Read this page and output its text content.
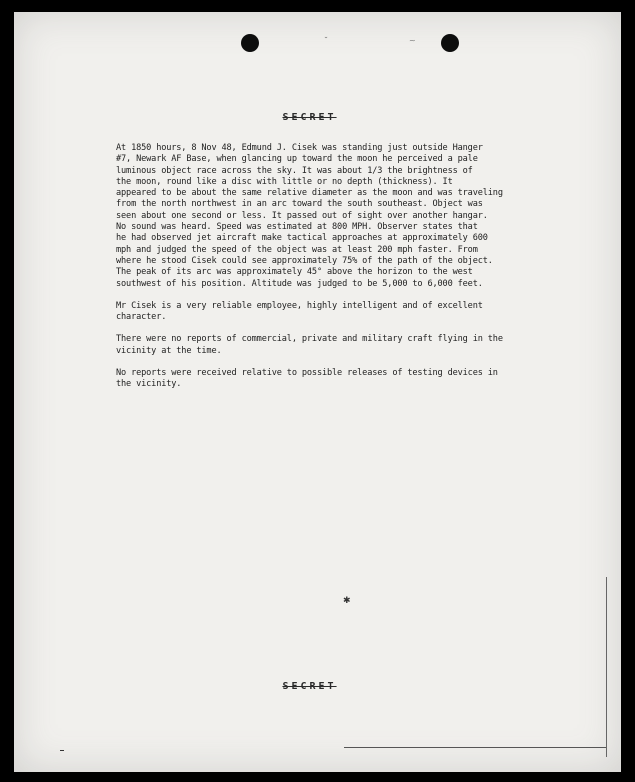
˘	~
SECRET

At 1850 hours, 8 Nov 48, Edmund J. Cisek was standing just outside Hanger
#7, Newark AF Base, when glancing up toward the moon he perceived a pale
luminous object race across the sky. It was about 1/3 the brightness of
the moon, round like a disc with little or no depth (thickness). It
appeared to be about the same relative diameter as the moon and was traveling
from the north northwest in an arc toward the south southeast. Object was
seen about one second or less. It passed out of sight over another hangar.
No sound was heard. Speed was estimated at 800 MPH. Observer states that
he had observed jet aircraft make tactical approaches at approximately 600
mph and judged the speed of the object was at least 200 mph faster. From
where he stood Cisek could see approximately 75% of the path of the object.
The peak of its arc was approximately 45° above the horizon to the west
southwest of his position. Altitude was judged to be 5,000 to 6,000 feet.

Mr Cisek is a very reliable employee, highly intelligent and of excellent
character.

There were no reports of commercial, private and military craft flying in the
vicinity at the time.

No reports were received relative to possible releases of testing devices in
the vicinity.

✱
SECRET
